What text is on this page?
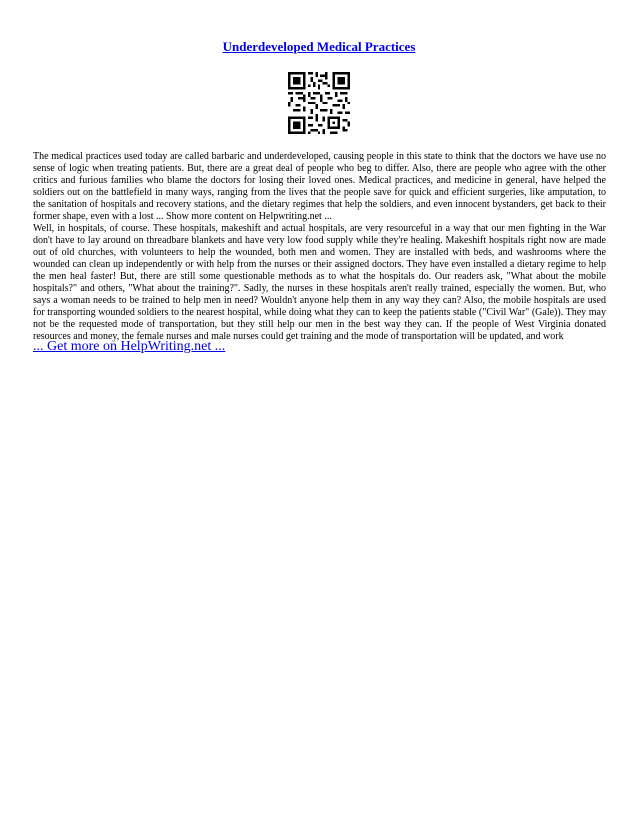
Underdeveloped Medical Practices

The medical practices used today are called barbaric and underdeveloped, causing people in this state to think that the doctors we have use no sense of logic when treating patients. But, there are a great deal of people who beg to differ. Also, there are people who agree with the other critics and furious families who blame the doctors for losing their loved ones. Medical practices, and medicine in general, have helped the soldiers out on the battlefield in many ways, ranging from the lives that the people save for quick and efficient surgeries, like amputation, to the sanitation of hospitals and recovery stations, and the dietary regimes that help the soldiers, and even innocent bystanders, get back to their former shape, even with a lost ... Show more content on Helpwriting.net ...

Well, in hospitals, of course. These hospitals, makeshift and actual hospitals, are very resourceful in a way that our men fighting in the War don't have to lay around on threadbare blankets and have very low food supply while they're healing. Makeshift hospitals right now are made out of old churches, with volunteers to help the wounded, both men and women. They are installed with beds, and washrooms where the wounded can clean up independently or with help from the nurses or their assigned doctors. They have even installed a dietary regime to help the men heal faster! But, there are still some questionable methods as to what the hospitals do. Our readers ask, "What about the mobile hospitals?" and others, "What about the training?". Sadly, the nurses in these hospitals aren't really trained, especially the women. But, who says a woman needs to be trained to help men in need? Wouldn't anyone help them in any way they can? Also, the mobile hospitals are used for transporting wounded soldiers to the nearest hospital, while doing what they can to keep the patients stable ("Civil War" (Gale)). They may not be the requested mode of transportation, but they still help our men in the best way they can. If the people of West Virginia donated resources and money, the female nurses and male nurses could get training and the mode of transportation will be updated, and work

... Get more on HelpWriting.net ...
